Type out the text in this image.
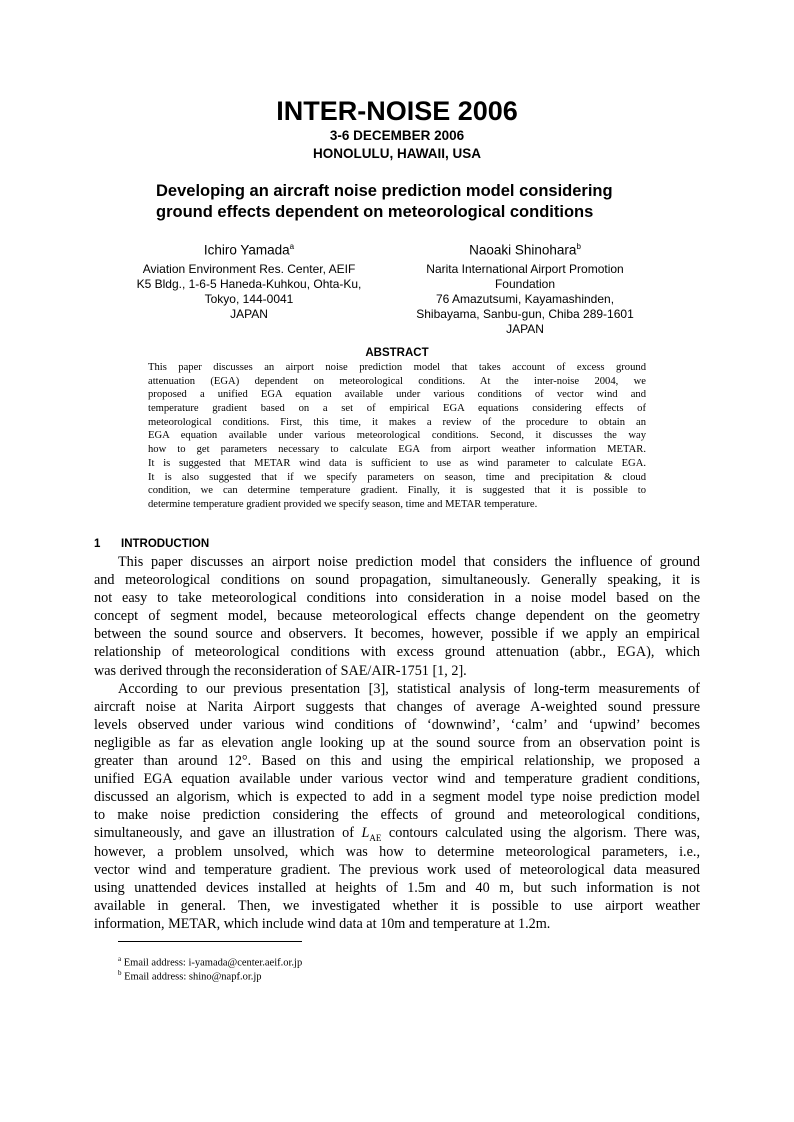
INTER-NOISE 2006
3-6 DECEMBER 2006
HONOLULU, HAWAII, USA
Developing an aircraft noise prediction model considering
ground effects dependent on meteorological conditions
Ichiro Yamada$^a$
Aviation Environment Res. Center, AEIF
K5 Bldg., 1-6-5 Haneda-Kuhkou, Ohta-Ku,
Tokyo, 144-0041
JAPAN
Naoaki Shinohara$^b$
Narita International Airport Promotion
Foundation
76 Amazutsumi, Kayamashinden,
Shibayama, Sanbu-gun, Chiba 289-1601
JAPAN
ABSTRACT
This paper discusses an airport noise prediction model that takes account of excess ground
attenuation (EGA) dependent on meteorological conditions. At the inter-noise 2004, we
proposed a unified EGA equation available under various conditions of vector wind and
temperature gradient based on a set of empirical EGA equations considering effects of
meteorological conditions. First, this time, it makes a review of the procedure to obtain an
EGA equation available under various meteorological conditions. Second, it discusses the way
how to get parameters necessary to calculate EGA from airport weather information METAR.
It is suggested that METAR wind data is sufficient to use as wind parameter to calculate EGA.
It is also suggested that if we specify parameters on season, time and precipitation & cloud
condition, we can determine temperature gradient. Finally, it is suggested that it is possible to
determine temperature gradient provided we specify season, time and METAR temperature.
1 INTRODUCTION
This paper discusses an airport noise prediction model that considers the influence of ground
and meteorological conditions on sound propagation, simultaneously. Generally speaking, it is
not easy to take meteorological conditions into consideration in a noise model based on the
concept of segment model, because meteorological effects change dependent on the geometry
between the sound source and observers. It becomes, however, possible if we apply an empirical
relationship of meteorological conditions with excess ground attenuation (abbr., EGA), which
was derived through the reconsideration of SAE/AIR-1751 [1, 2].
According to our previous presentation [3], statistical analysis of long-term measurements of
aircraft noise at Narita Airport suggests that changes of average A-weighted sound pressure
levels observed under various wind conditions of ‘downwind’, ‘calm’ and ‘upwind’ becomes
negligible as far as elevation angle looking up at the sound source from an observation point is
greater than around 12°. Based on this and using the empirical relationship, we proposed a
unified EGA equation available under various vector wind and temperature gradient conditions,
discussed an algorism, which is expected to add in a segment model type noise prediction model
to make noise prediction considering the effects of ground and meteorological conditions,
simultaneously, and gave an illustration of $L_{AE}$ contours calculated using the algorism. There was,
however, a problem unsolved, which was how to determine meteorological parameters, i.e.,
vector wind and temperature gradient. The previous work used of meteorological data measured
using unattended devices installed at heights of 1.5m and 40 m, but such information is not
available in general. Then, we investigated whether it is possible to use airport weather
information, METAR, which include wind data at 10m and temperature at 1.2m.
$^a$ Email address: i-yamada@center.aeif.or.jp
$^b$ Email address: shino@napf.or.jp
